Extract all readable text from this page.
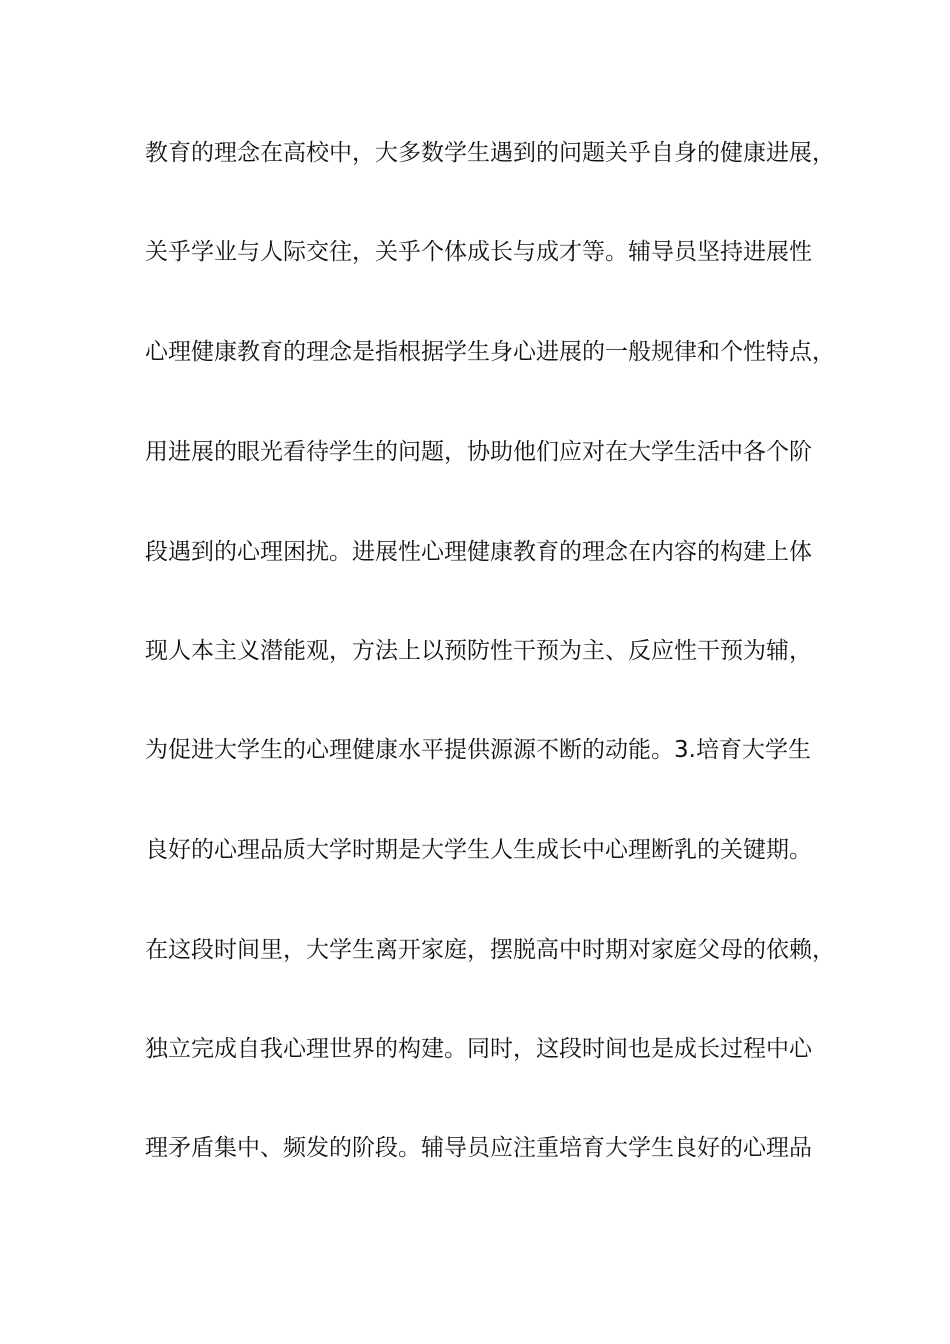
教育的理念在高校中，大多数学生遇到的问题关乎自身的健康进展，
关乎学业与人际交往，关乎个体成长与成才等。辅导员坚持进展性
心理健康教育的理念是指根据学生身心进展的一般规律和个性特点，
用进展的眼光看待学生的问题，协助他们应对在大学生活中各个阶
段遇到的心理困扰。进展性心理健康教育的理念在内容的构建上体
现人本主义潜能观，方法上以预防性干预为主、反应性干预为辅，
为促进大学生的心理健康水平提供源源不断的动能。3.培育大学生
良好的心理品质大学时期是大学生人生成长中心理断乳的关键期。
在这段时间里，大学生离开家庭，摆脱高中时期对家庭父母的依赖，
独立完成自我心理世界的构建。同时，这段时间也是成长过程中心
理矛盾集中、频发的阶段。辅导员应注重培育大学生良好的心理品
